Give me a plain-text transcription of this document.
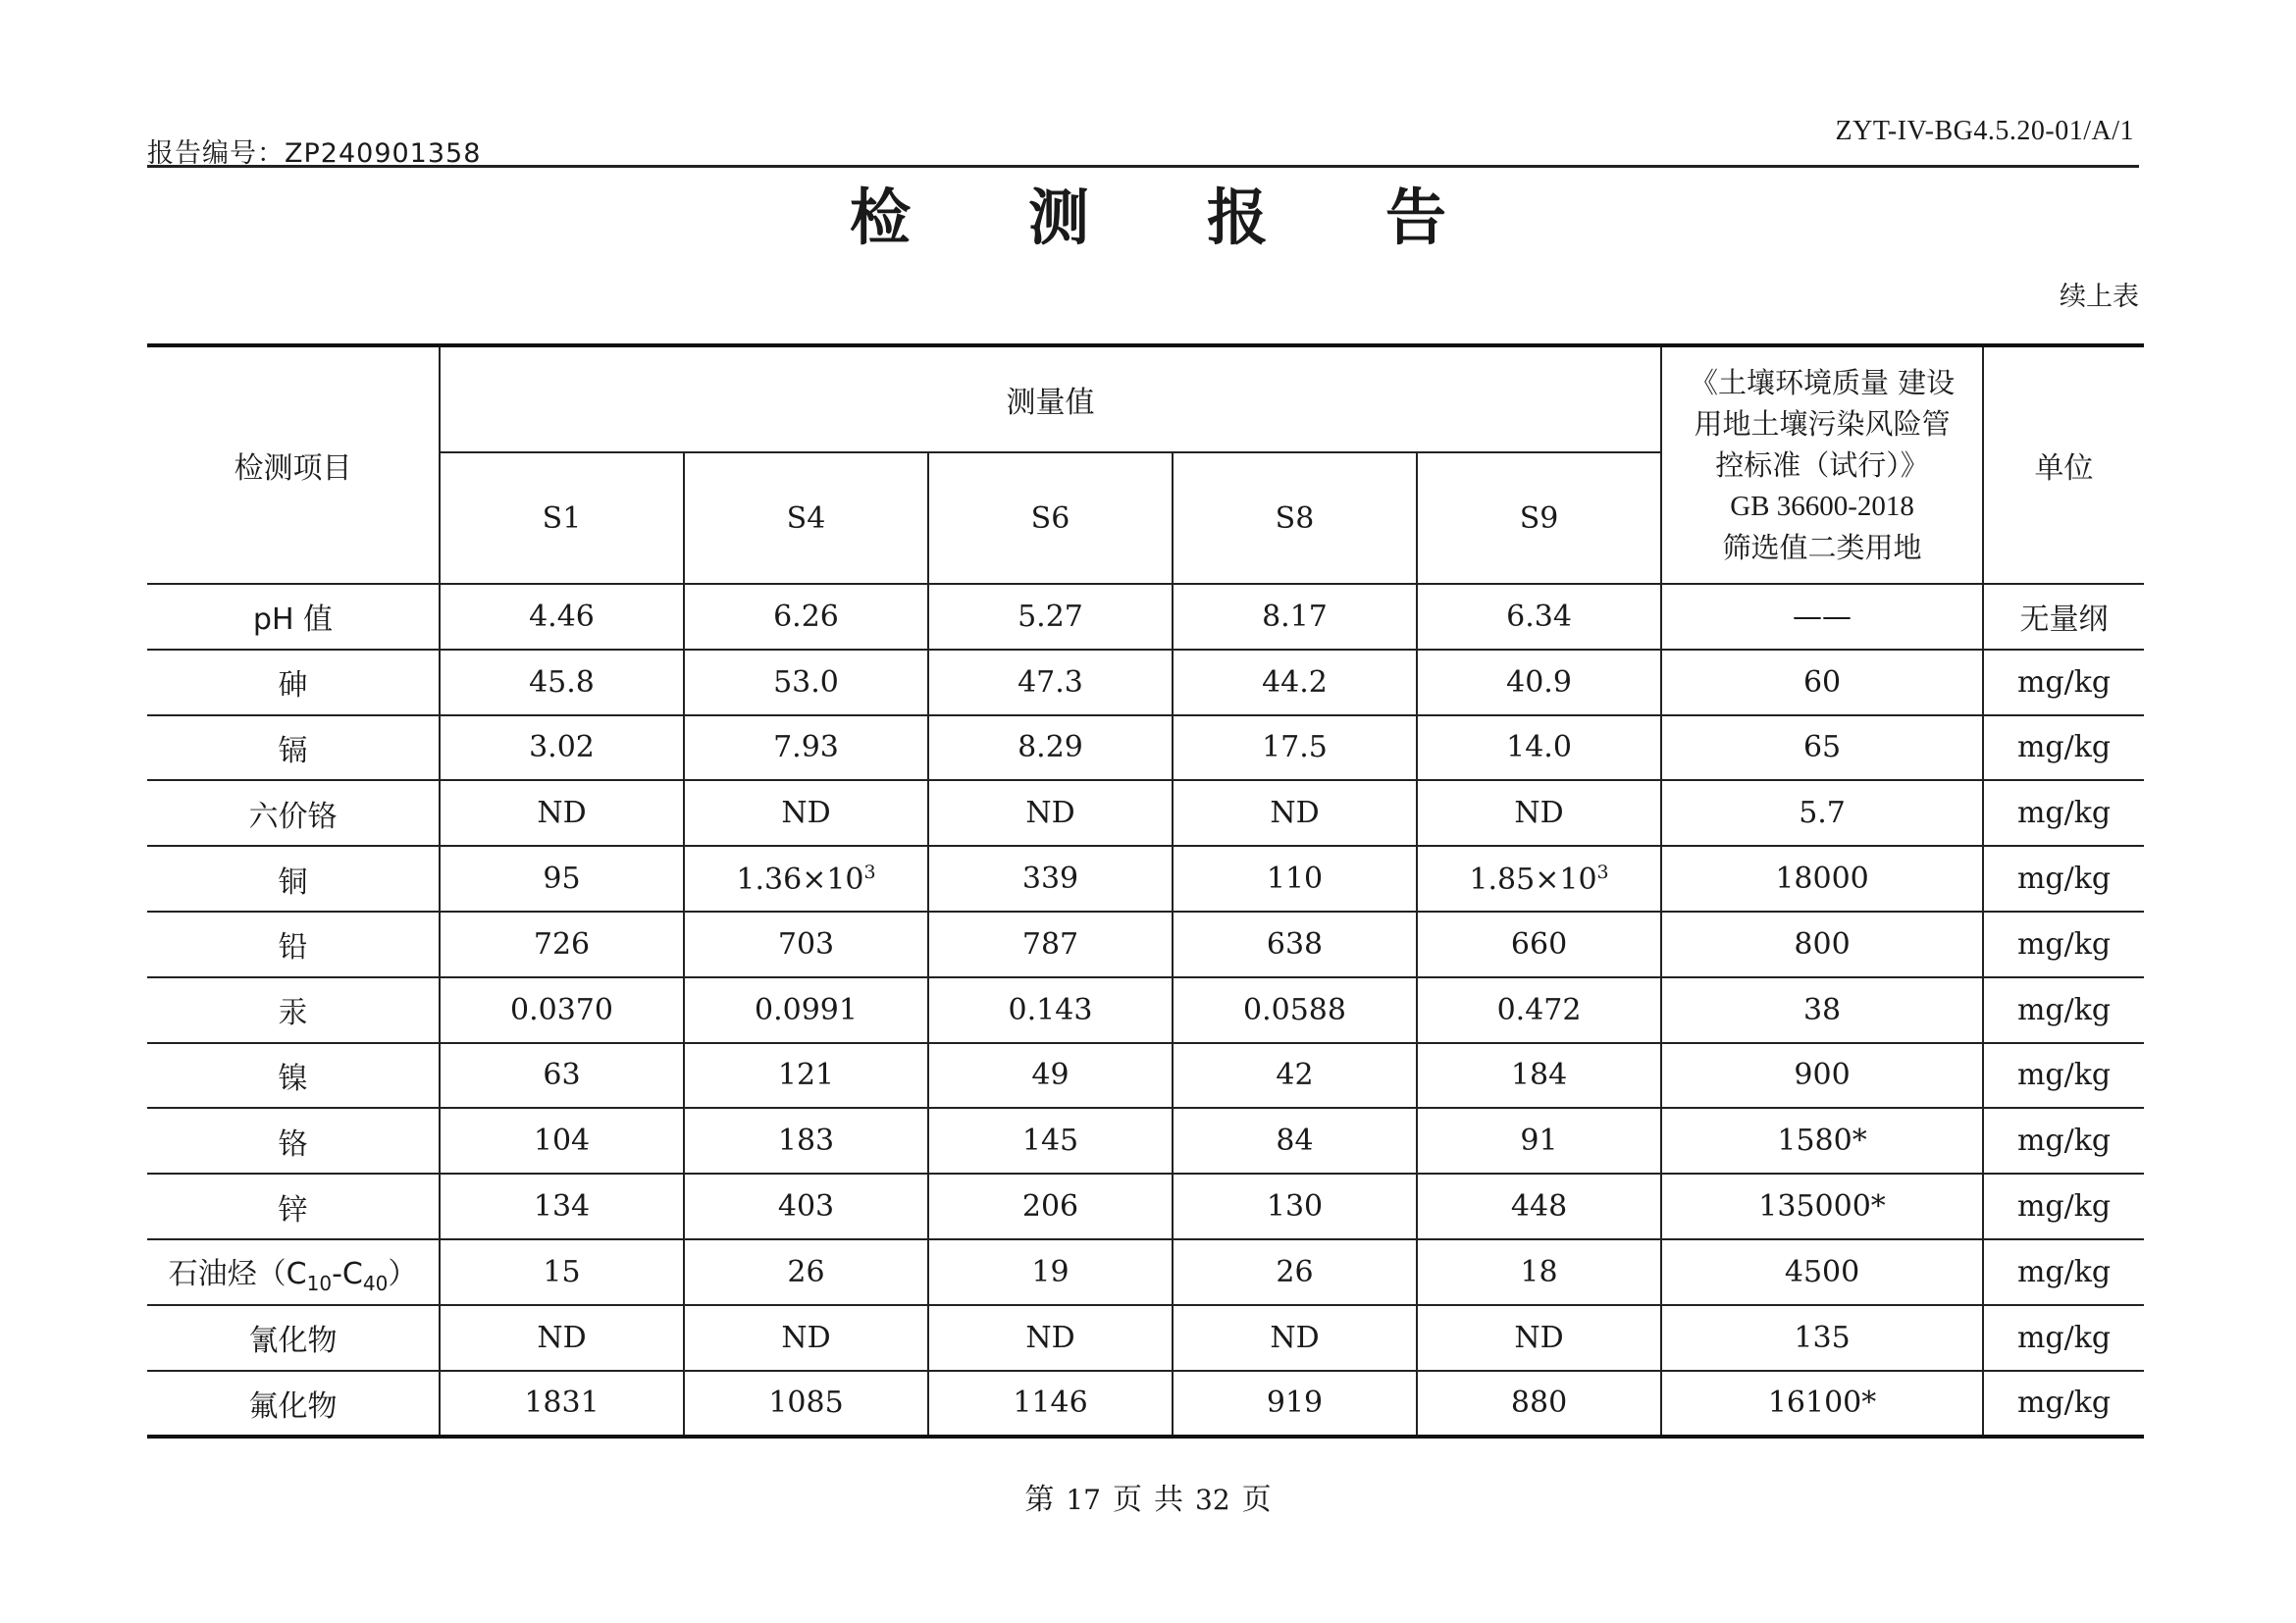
报告编号：ZP240901358
ZYT-IV-BG4.5.20-01/A/1
检测报告
续上表
检测项目	测量值					《土壤环境质量 建设
用地土壤污染风险管
控标准（试行）》
GB 36600-2018
筛选值二类用地	单位
	S1	S4	S6	S8	S9		
pH 值	4.46	6.26	5.27	8.17	6.34	——	无量纲
砷	45.8	53.0	47.3	44.2	40.9	60	mg/kg
镉	3.02	7.93	8.29	17.5	14.0	65	mg/kg
六价铬	ND	ND	ND	ND	ND	5.7	mg/kg
铜	95	$1.36\times 10^3$	339	110	$1.85\times 10^3$	18000	mg/kg
铅	726	703	787	638	660	800	mg/kg
汞	0.0370	0.0991	0.143	0.0588	0.472	38	mg/kg
镍	63	121	49	42	184	900	mg/kg
铬	104	183	145	84	91	1580*	mg/kg
锌	134	403	206	130	448	135000*	mg/kg
石油烃$(C_{10}-C_{40})$	15	26	19	26	18	4500	mg/kg
氰化物	ND	ND	ND	ND	ND	135	mg/kg
氟化物	1831	1085	1146	919	880	16100*	mg/kg
第 17 页 共 32 页
